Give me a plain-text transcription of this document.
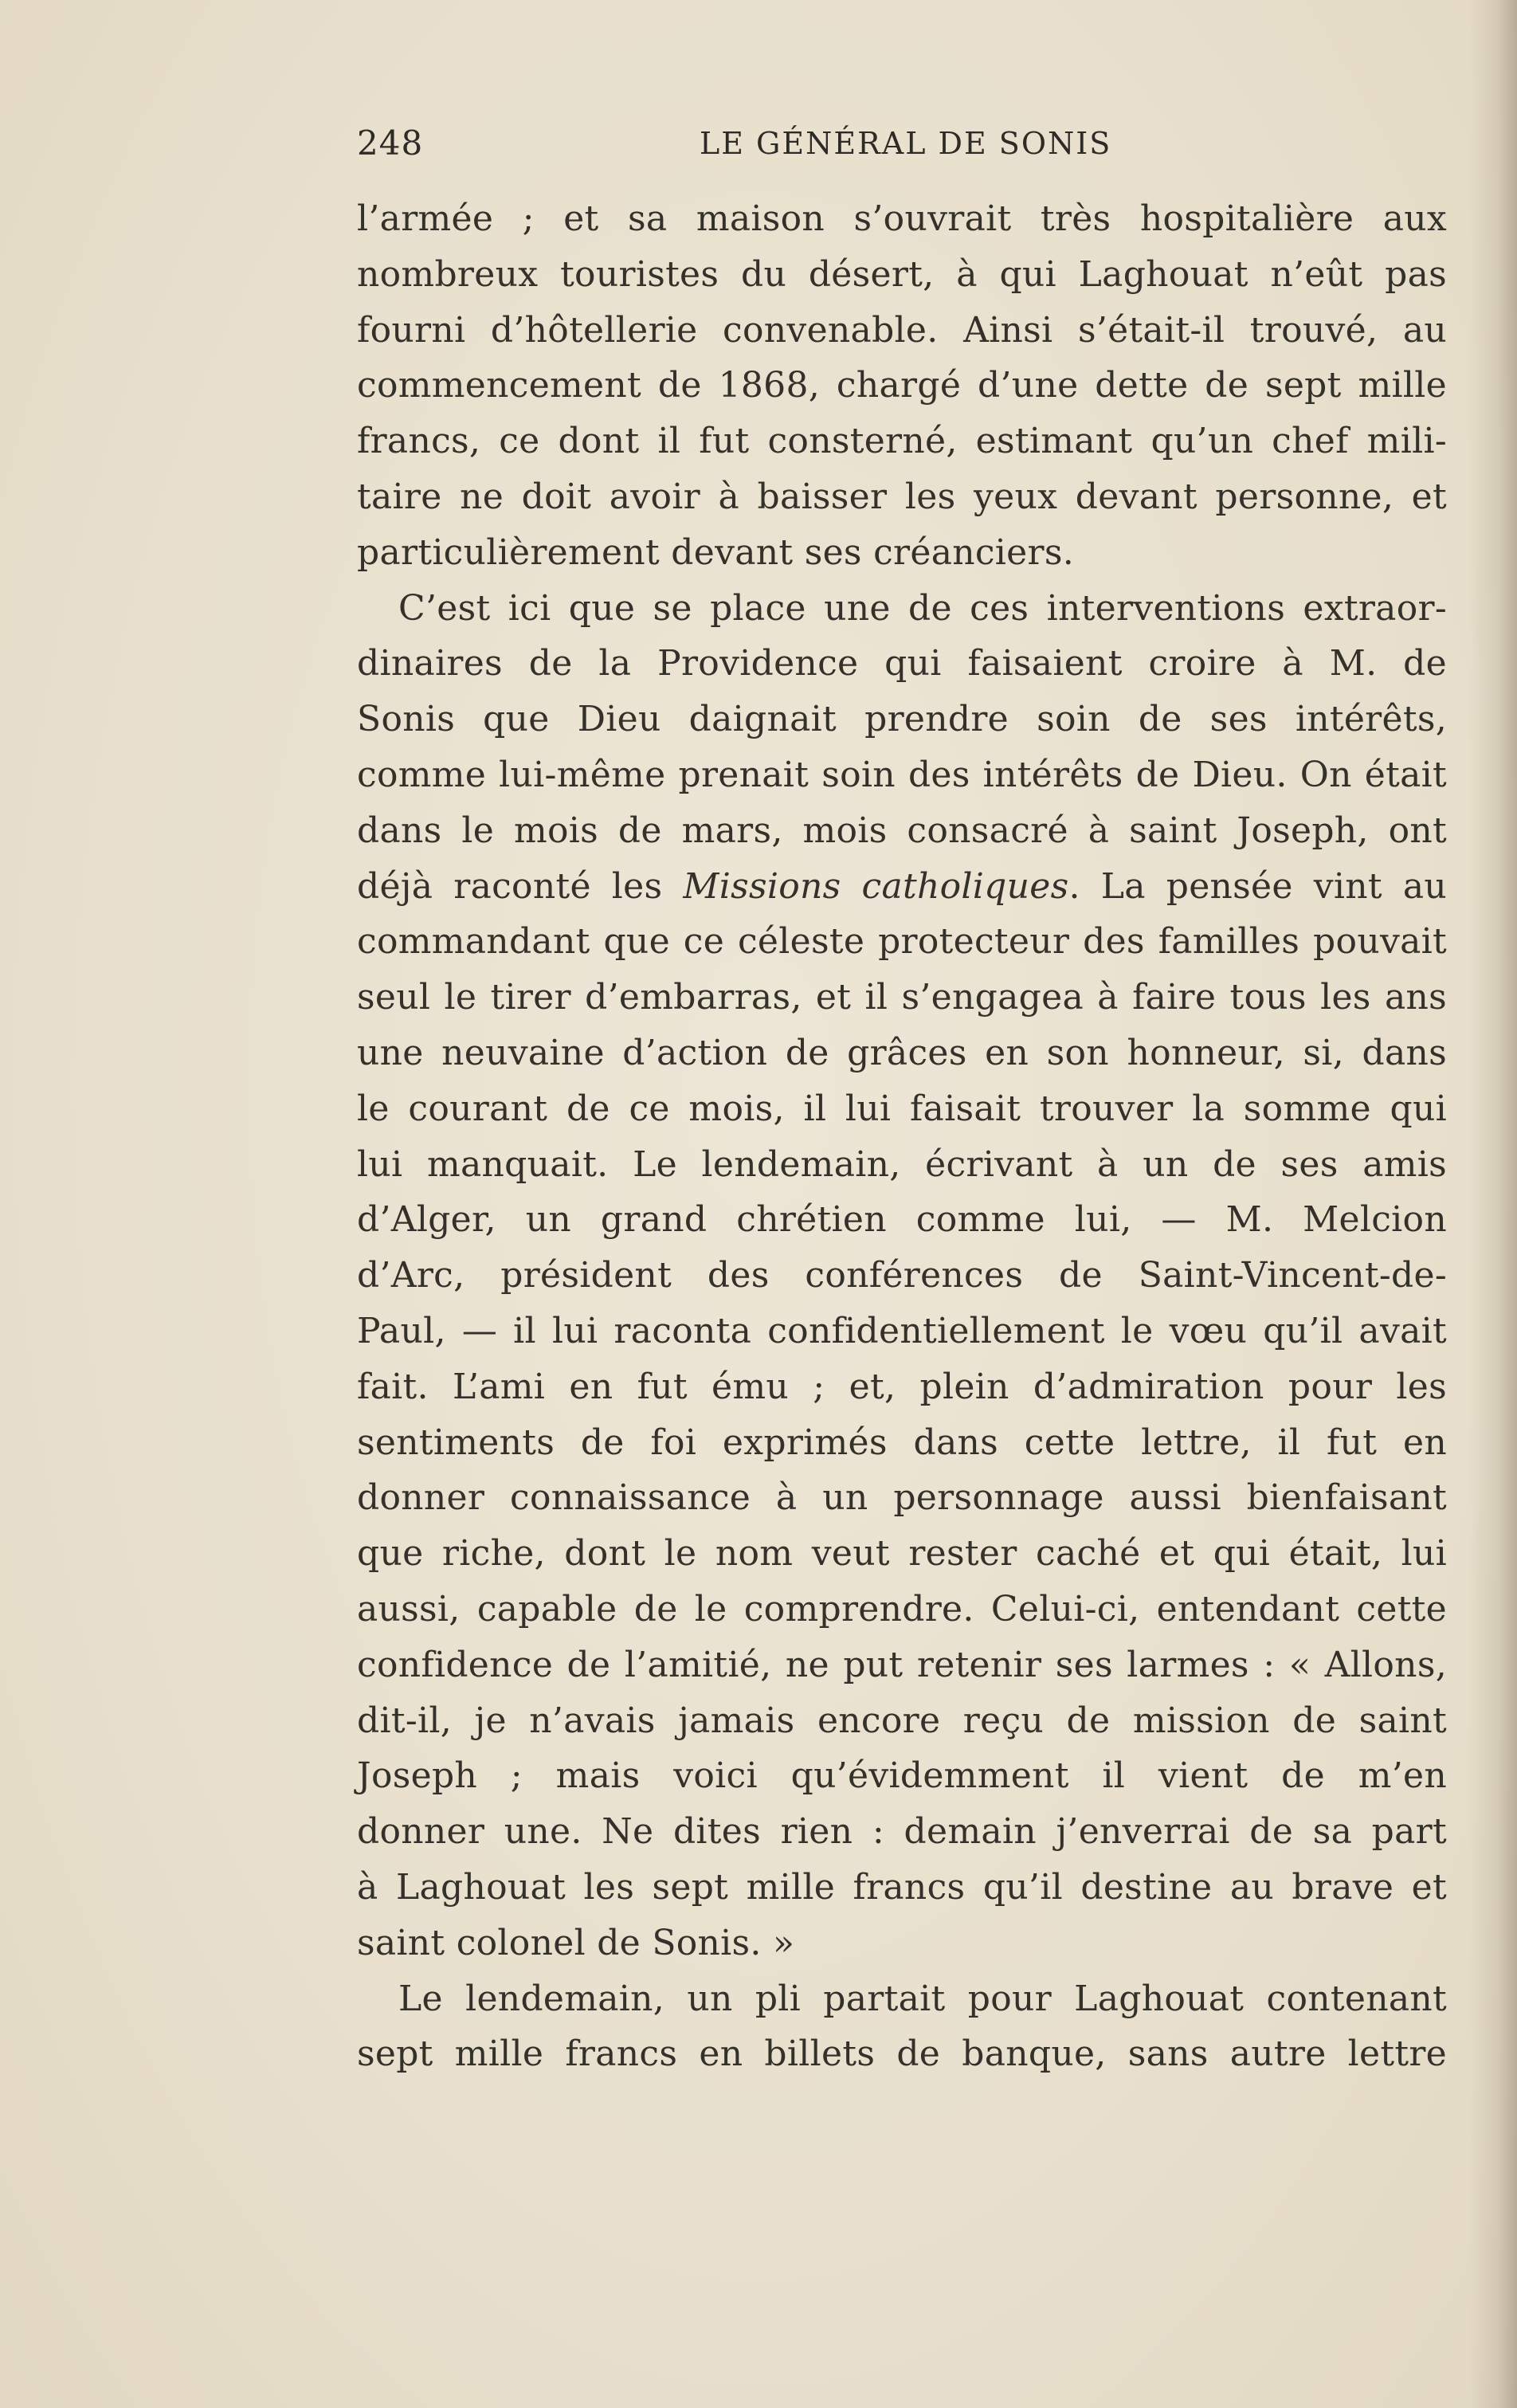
248	LE GÉNÉRAL DE SONIS
l’armée ; et sa maison s’ouvrait très hospitalière aux
nombreux touristes du désert, à qui Laghouat n’eût pas
fourni d’hôtellerie convenable. Ainsi s’était-il trouvé, au
commencement de 1868, chargé d’une dette de sept mille
francs, ce dont il fut consterné, estimant qu’un chef mili-
taire ne doit avoir à baisser les yeux devant personne, et
particulièrement devant ses créanciers.
C’est ici que se place une de ces interventions extraor-
dinaires de la Providence qui faisaient croire à M. de
Sonis que Dieu daignait prendre soin de ses intérêts,
comme lui-même prenait soin des intérêts de Dieu. On était
dans le mois de mars, mois consacré à saint Joseph, ont
déjà raconté les Missions catholiques. La pensée vint au
commandant que ce céleste protecteur des familles pouvait
seul le tirer d’embarras, et il s’engagea à faire tous les ans
une neuvaine d’action de grâces en son honneur, si, dans
le courant de ce mois, il lui faisait trouver la somme qui
lui manquait. Le lendemain, écrivant à un de ses amis
d’Alger, un grand chrétien comme lui, — M. Melcion
d’Arc, président des conférences de Saint-Vincent-de-
Paul, — il lui raconta confidentiellement le vœu qu’il avait
fait. L’ami en fut ému ; et, plein d’admiration pour les
sentiments de foi exprimés dans cette lettre, il fut en
donner connaissance à un personnage aussi bienfaisant
que riche, dont le nom veut rester caché et qui était, lui
aussi, capable de le comprendre. Celui-ci, entendant cette
confidence de l’amitié, ne put retenir ses larmes : « Allons,
dit-il, je n’avais jamais encore reçu de mission de saint
Joseph ; mais voici qu’évidemment il vient de m’en
donner une. Ne dites rien : demain j’enverrai de sa part
à Laghouat les sept mille francs qu’il destine au brave et
saint colonel de Sonis. »
Le lendemain, un pli partait pour Laghouat contenant
sept mille francs en billets de banque, sans autre lettre
